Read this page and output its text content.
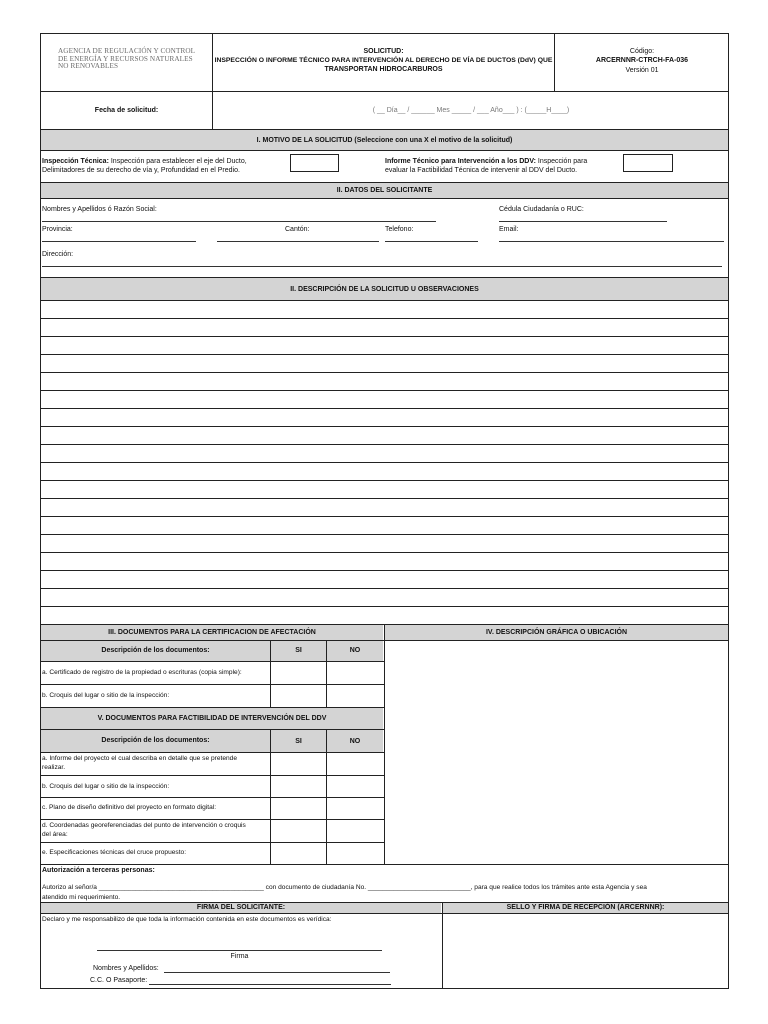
AGENCIA DE REGULACIÓN Y CONTROL
DE ENERGÍA Y RECURSOS NATURALES
NO RENOVABLES
SOLICITUD:
INSPECCIÓN O INFORME TÉCNICO PARA INTERVENCIÓN AL DERECHO DE VÍA DE DUCTOS (DdV) QUE
TRANSPORTAN HIDROCARBUROS
Código:
ARCERNNR-CTRCH-FA-036
Versión 01
Fecha de solicitud:	( __ Día__ / ______ Mes _____ / ___ Año___ ) : (_____H____)
I. MOTIVO DE LA SOLICITUD (Seleccione con una X el motivo de la solicitud)
Inspección Técnica: Inspección para establecer el eje del Ducto,
Delimitadores de su derecho de vía y, Profundidad en el Predio.
Informe Técnico para Intervención a los DDV: Inspección para
evaluar la Factibilidad Técnica de intervenir al DDV del Ducto.
II. DATOS DEL SOLICITANTE
Nombres y Apellidos ó Razón Social:	Cédula Ciudadanía o RUC:
Provincia:	Cantón:	Telefono:	Email:
Dirección:
II. DESCRIPCIÓN DE LA SOLICITUD U OBSERVACIONES
III. DOCUMENTOS PARA LA CERTIFICACION DE AFECTACIÓN	IV. DESCRIPCIÓN GRÁFICA O UBICACIÓN
Descripción de los documentos:	SI	NO
a. Certificado de registro de la propiedad o escrituras (copia simple):
b. Croquis del lugar o sitio de la inspección:
V. DOCUMENTOS PARA FACTIBILIDAD DE INTERVENCIÓN DEL DDV
Descripción de los documentos:	SI	NO
a. Informe del proyecto el cual describa en detalle que se pretende
realizar.
b. Croquis del lugar o sitio de la inspección:
c. Plano de diseño definitivo del proyecto en formato digital:
d. Coordenadas georeferenciadas del punto de intervención o croquis
del área:
e. Especificaciones técnicas del cruce propuesto:
Autorización a terceras personas:
Autorizo al señor/a _____________________________________________ con documento de ciudadanía No. ____________________________, para que realice todos los trámites ante esta Agencia y sea
atendido mi requerimiento.
FIRMA DEL SOLICITANTE:	SELLO Y FIRMA DE RECEPCIÓN (ARCERNNR):
Declaro y me responsabilizo de que toda la información contenida en este documentos es verídica:
Firma
Nombres y Apellidos:
C.C. O Pasaporte:
